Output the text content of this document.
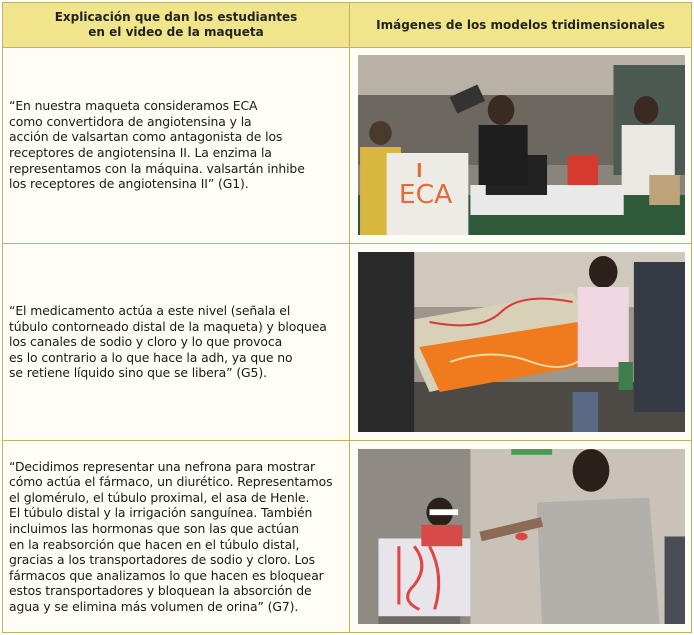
Explicación que dan los estudiantes
en el video de la maqueta
Imágenes de los modelos tridimensionales

“En nuestra maqueta consideramos ECA
como convertidora de angiotensina y la
acción de valsartan como antagonista de los
receptores de angiotensina II. La enzima la
representamos con la máquina. valsartán inhibe
los receptores de angiotensina II” (G1).	ECA

“El medicamento actúa a este nivel (señala el
túbulo contorneado distal de la maqueta) y bloquea
los canales de sodio y cloro y lo que provoca
es lo contrario a lo que hace la adh, ya que no
se retiene líquido sino que se libera” (G5).

“Decidimos representar una nefrona para mostrar
cómo actúa el fármaco, un diurético. Representamos
el glomérulo, el túbulo proximal, el asa de Henle.
El túbulo distal y la irrigación sanguínea. También
incluimos las hormonas que son las que actúan
en la reabsorción que hacen en el túbulo distal,
gracias a los transportadores de sodio y cloro. Los
fármacos que analizamos lo que hacen es bloquear
estos transportadores y bloquean la absorción de
agua y se elimina más volumen de orina” (G7).
